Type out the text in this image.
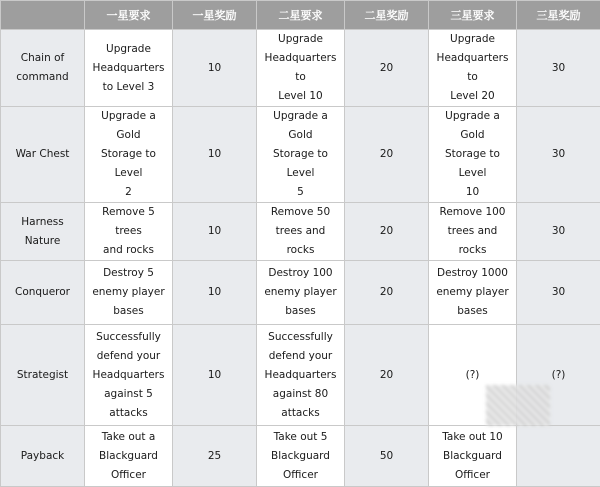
	一星要求	一星奖励	二星要求	二星奖励	三星要求	三星奖励
Chain of
command	Upgrade
Headquarters
to Level 3	10	Upgrade
Headquarters to
Level 10	20	Upgrade
Headquarters to
Level 20	30
War Chest	Upgrade a Gold
Storage to Level
2	10	Upgrade a Gold
Storage to Level
5	20	Upgrade a Gold
Storage to Level
10	30
Harness Nature	Remove 5 trees
and rocks	10	Remove 50
trees and rocks	20	Remove 100
trees and rocks	30
Conqueror	Destroy 5
enemy player
bases	10	Destroy 100
enemy player
bases	20	Destroy 1000
enemy player
bases	30
Strategist	Successfully
defend your
Headquarters
against 5
attacks	10	Successfully
defend your
Headquarters
against 80
attacks	20	(?)	(?)
Payback	Take out a
Blackguard
Officer	25	Take out 5
Blackguard
Officer	50	Take out 10
Blackguard
Officer	
